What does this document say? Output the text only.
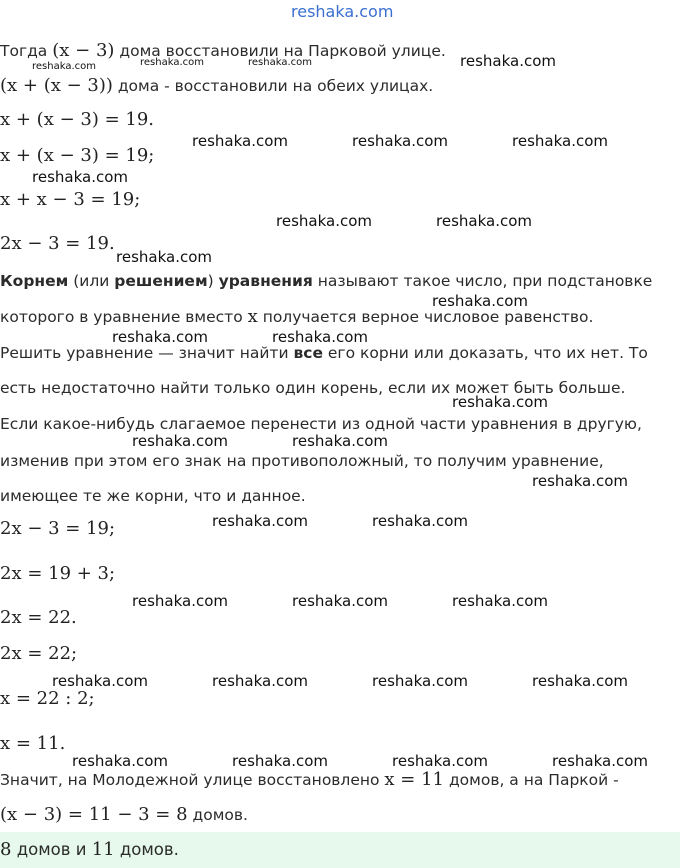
reshaka.com
Тогда (x − 3) дома восстановили на Парковой улице.
(x + (x − 3)) дома - восстановили на обеих улицах.
x + (x − 3) = 19.
x + (x − 3) = 19;
x + x − 3 = 19;
2x − 3 = 19.
Корнем (или решением) уравнения называют такое число, при подстановке
которого в уравнение вместо x получается верное числовое равенство.
Решить уравнение — значит найти все его корни или доказать, что их нет. То
есть недостаточно найти только один корень, если их может быть больше.
Если какое-нибудь слагаемое перенести из одной части уравнения в другую,
изменив при этом его знак на противоположный, то получим уравнение,
имеющее те же корни, что и данное.
2x − 3 = 19;
2x = 19 + 3;
2x = 22.
2x = 22;
x = 22 : 2;
x = 11.
Значит, на Молодежной улице восстановлено x = 11 домов, а на Паркой -
(x − 3) = 11 − 3 = 8 домов.
8 домов и 11 домов.
reshaka.com	reshaka.com	reshaka.com	reshaka.com
reshaka.com	reshaka.com	reshaka.com
reshaka.com
reshaka.com	reshaka.com
reshaka.com
reshaka.com
reshaka.com	reshaka.com
reshaka.com
reshaka.com	reshaka.com
reshaka.com
reshaka.com	reshaka.com
reshaka.com	reshaka.com	reshaka.com
reshaka.com	reshaka.com	reshaka.com	reshaka.com
reshaka.com	reshaka.com	reshaka.com	reshaka.com
